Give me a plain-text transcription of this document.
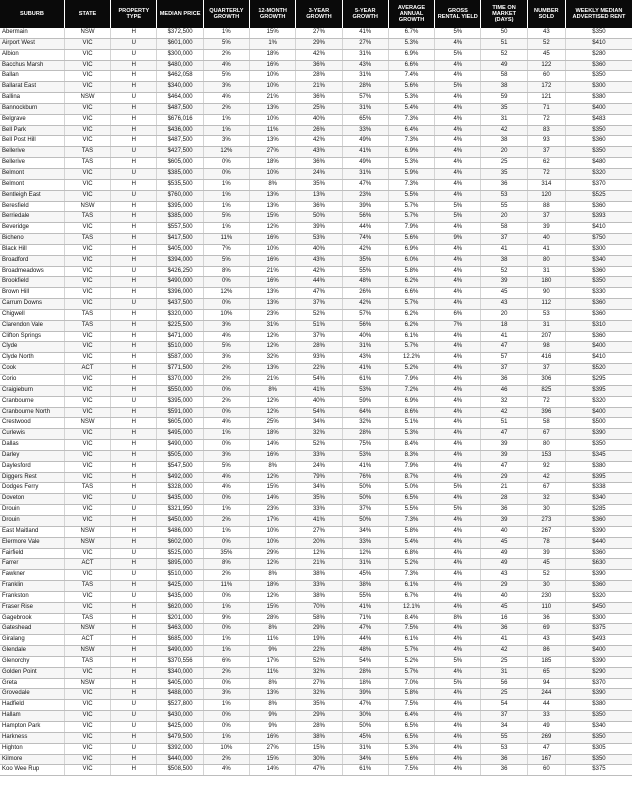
SUBURB	STATE	PROPERTY TYPE	MEDIAN PRICE	QUARTERLY GROWTH	12-MONTH GROWTH	3-YEAR GROWTH	5-YEAR GROWTH	AVERAGE ANNUAL GROWTH	GROSS RENTAL YIELD	TIME ON MARKET (DAYS)	NUMBER SOLD	WEEKLY MEDIAN ADVERTISED RENT
Abermain	NSW	H	$372,500	1%	15%	27%	41%	6.7%	5%	50	43	$350
Airport West	VIC	U	$601,000	5%	1%	29%	27%	5.3%	4%	51	52	$410
Albion	VIC	U	$300,000	2%	18%	42%	31%	6.9%	5%	52	45	$280
Bacchus Marsh	VIC	H	$480,000	4%	16%	36%	43%	6.6%	4%	49	122	$360
Ballan	VIC	H	$462,058	5%	10%	28%	31%	7.4%	4%	58	60	$350
Ballarat East	VIC	H	$340,000	3%	10%	21%	28%	5.6%	5%	38	172	$300
Ballina	NSW	U	$464,000	4%	21%	36%	57%	5.3%	4%	59	121	$380
Bannockburn	VIC	H	$487,500	2%	13%	25%	31%	5.4%	4%	35	71	$400
Belgrave	VIC	H	$676,016	1%	10%	40%	65%	7.3%	4%	31	72	$483
Bell Park	VIC	H	$436,000	1%	11%	26%	33%	6.4%	4%	42	83	$350
Bell Post Hill	VIC	H	$487,500	3%	13%	42%	49%	7.3%	4%	38	93	$360
Bellerive	TAS	U	$427,500	12%	27%	43%	41%	6.9%	4%	20	37	$350
Bellerive	TAS	H	$605,000	0%	18%	36%	49%	5.3%	4%	25	62	$480
Belmont	VIC	U	$385,000	0%	10%	24%	31%	5.9%	4%	35	72	$320
Belmont	VIC	H	$535,500	1%	8%	35%	47%	7.3%	4%	36	314	$370
Bentleigh East	VIC	U	$760,000	1%	13%	13%	23%	5.5%	4%	53	120	$525
Beresfield	NSW	H	$395,000	1%	13%	36%	39%	5.7%	5%	55	88	$360
Berriedale	TAS	H	$385,000	5%	15%	50%	56%	5.7%	5%	20	37	$393
Beveridge	VIC	H	$557,500	1%	12%	39%	44%	7.9%	4%	58	39	$410
Bicheno	TAS	H	$417,500	11%	16%	53%	74%	5.6%	9%	37	40	$750
Black Hill	VIC	H	$405,000	7%	10%	40%	42%	6.9%	4%	41	41	$300
Broadford	VIC	H	$394,000	5%	16%	43%	35%	6.0%	4%	38	80	$340
Broadmeadows	VIC	U	$426,250	8%	21%	42%	55%	5.8%	4%	52	31	$360
Brookfield	VIC	H	$490,000	0%	16%	44%	48%	6.2%	4%	39	180	$350
Brown Hill	VIC	H	$396,000	12%	13%	47%	26%	6.6%	4%	45	90	$330
Carrum Downs	VIC	U	$437,500	0%	13%	37%	42%	5.7%	4%	43	112	$360
Chigwell	TAS	H	$320,000	10%	23%	52%	57%	6.2%	6%	20	53	$360
Clarendon Vale	TAS	H	$225,500	3%	31%	51%	56%	6.2%	7%	18	31	$310
Clifton Springs	VIC	H	$471,000	4%	12%	37%	40%	6.1%	4%	41	207	$360
Clyde	VIC	H	$510,000	5%	12%	28%	31%	5.7%	4%	47	98	$400
Clyde North	VIC	H	$587,000	3%	32%	93%	43%	12.2%	4%	57	416	$410
Cook	ACT	H	$771,500	2%	13%	22%	41%	5.2%	4%	37	37	$520
Corio	VIC	H	$370,000	2%	21%	54%	61%	7.9%	4%	36	306	$295
Craigieburn	VIC	H	$550,000	0%	8%	41%	53%	7.2%	4%	46	825	$395
Cranbourne	VIC	U	$395,000	2%	12%	40%	59%	6.9%	4%	32	72	$320
Cranbourne North	VIC	H	$591,000	0%	12%	54%	64%	8.6%	4%	42	396	$400
Crestwood	NSW	H	$605,000	4%	25%	34%	32%	5.1%	4%	51	58	$500
Curlewis	VIC	H	$495,000	1%	18%	32%	28%	5.3%	4%	47	67	$390
Dallas	VIC	H	$490,000	0%	14%	52%	75%	8.4%	4%	39	80	$350
Darley	VIC	H	$505,000	3%	16%	33%	53%	8.3%	4%	39	153	$345
Daylesford	VIC	H	$547,500	5%	8%	24%	41%	7.9%	4%	47	92	$380
Diggers Rest	VIC	H	$492,000	4%	12%	79%	76%	8.7%	4%	29	42	$395
Dodges Ferry	TAS	H	$328,000	4%	15%	34%	50%	5.0%	5%	21	67	$338
Doveton	VIC	U	$435,000	0%	14%	35%	50%	6.5%	4%	28	32	$340
Drouin	VIC	U	$321,950	1%	23%	33%	37%	5.5%	5%	36	30	$285
Drouin	VIC	H	$450,000	2%	17%	41%	50%	7.3%	4%	39	273	$360
East Maitland	NSW	H	$486,000	1%	10%	27%	34%	5.8%	4%	40	267	$390
Elermore Vale	NSW	H	$602,000	0%	10%	20%	33%	5.4%	4%	45	78	$440
Fairfield	VIC	U	$525,000	35%	29%	12%	12%	6.8%	4%	49	39	$360
Farrer	ACT	H	$895,000	8%	12%	21%	31%	5.2%	4%	49	45	$630
Fawkner	VIC	U	$510,000	2%	8%	38%	45%	7.3%	4%	43	52	$390
Franklin	TAS	H	$425,000	11%	18%	33%	38%	6.1%	4%	29	30	$360
Frankston	VIC	U	$435,000	0%	12%	38%	55%	6.7%	4%	40	230	$320
Fraser Rise	VIC	H	$620,000	1%	15%	70%	41%	12.1%	4%	45	110	$450
Gagebrook	TAS	H	$201,000	9%	28%	58%	71%	8.4%	8%	16	36	$300
Gateshead	NSW	H	$463,000	0%	8%	29%	47%	7.5%	4%	36	69	$375
Giralang	ACT	H	$685,000	1%	11%	19%	44%	6.1%	4%	41	43	$493
Glendale	NSW	H	$490,000	1%	9%	22%	48%	5.7%	4%	42	86	$400
Glenorchy	TAS	H	$370,556	6%	17%	52%	54%	5.2%	5%	25	185	$390
Golden Point	VIC	H	$340,000	2%	11%	32%	28%	5.7%	4%	31	65	$290
Greta	NSW	H	$405,000	0%	8%	27%	18%	7.0%	5%	56	94	$370
Grovedale	VIC	H	$488,000	3%	13%	32%	39%	5.8%	4%	25	244	$390
Hadfield	VIC	U	$527,800	1%	8%	35%	47%	7.5%	4%	54	44	$380
Hallam	VIC	U	$430,000	0%	9%	29%	30%	6.4%	4%	37	33	$350
Hampton Park	VIC	U	$425,000	0%	9%	28%	50%	6.5%	4%	34	49	$340
Harkness	VIC	H	$479,500	1%	16%	38%	45%	6.5%	4%	55	269	$350
Highton	VIC	U	$392,000	10%	27%	15%	31%	5.3%	4%	53	47	$305
Kilmore	VIC	H	$440,000	2%	15%	30%	34%	5.6%	4%	36	167	$350
Koo Wee Rup	VIC	H	$508,500	4%	14%	47%	61%	7.5%	4%	36	60	$375
